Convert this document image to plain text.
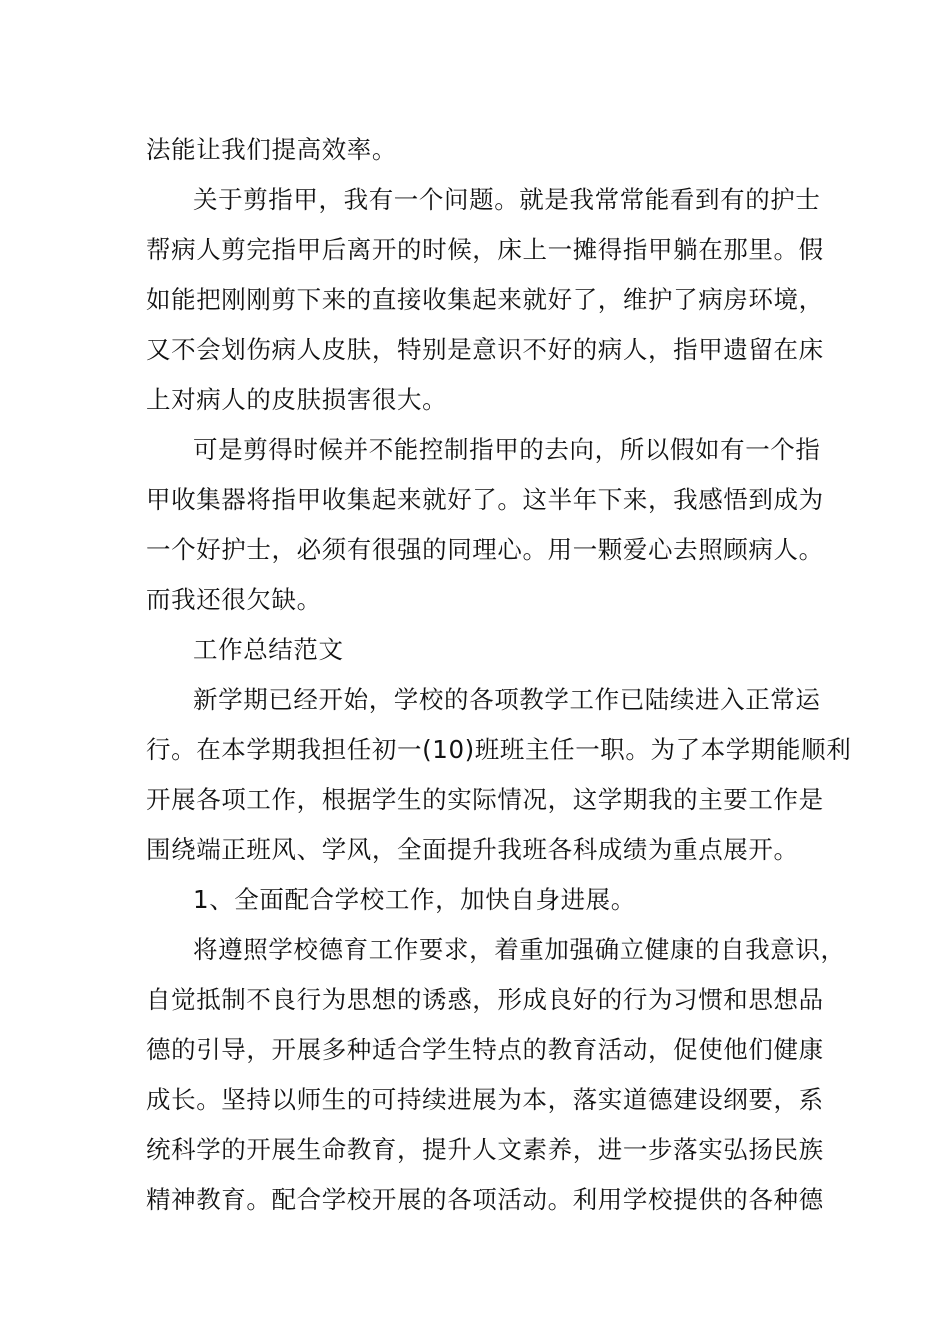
法能让我们提高效率。
关于剪指甲，我有一个问题。就是我常常能看到有的护士
帮病人剪完指甲后离开的时候，床上一摊得指甲躺在那里。假
如能把刚刚剪下来的直接收集起来就好了，维护了病房环境，
又不会划伤病人皮肤，特别是意识不好的病人，指甲遗留在床
上对病人的皮肤损害很大。
可是剪得时候并不能控制指甲的去向，所以假如有一个指
甲收集器将指甲收集起来就好了。这半年下来，我感悟到成为
一个好护士，必须有很强的同理心。用一颗爱心去照顾病人。
而我还很欠缺。
工作总结范文
新学期已经开始，学校的各项教学工作已陆续进入正常运
行。在本学期我担任初一(10)班班主任一职。为了本学期能顺利
开展各项工作，根据学生的实际情况，这学期我的主要工作是
围绕端正班风、学风，全面提升我班各科成绩为重点展开。
1、全面配合学校工作，加快自身进展。
将遵照学校德育工作要求，着重加强确立健康的自我意识，
自觉抵制不良行为思想的诱惑，形成良好的行为习惯和思想品
德的引导，开展多种适合学生特点的教育活动，促使他们健康
成长。坚持以师生的可持续进展为本，落实道德建设纲要，系
统科学的开展生命教育，提升人文素养，进一步落实弘扬民族
精神教育。配合学校开展的各项活动。利用学校提供的各种德
